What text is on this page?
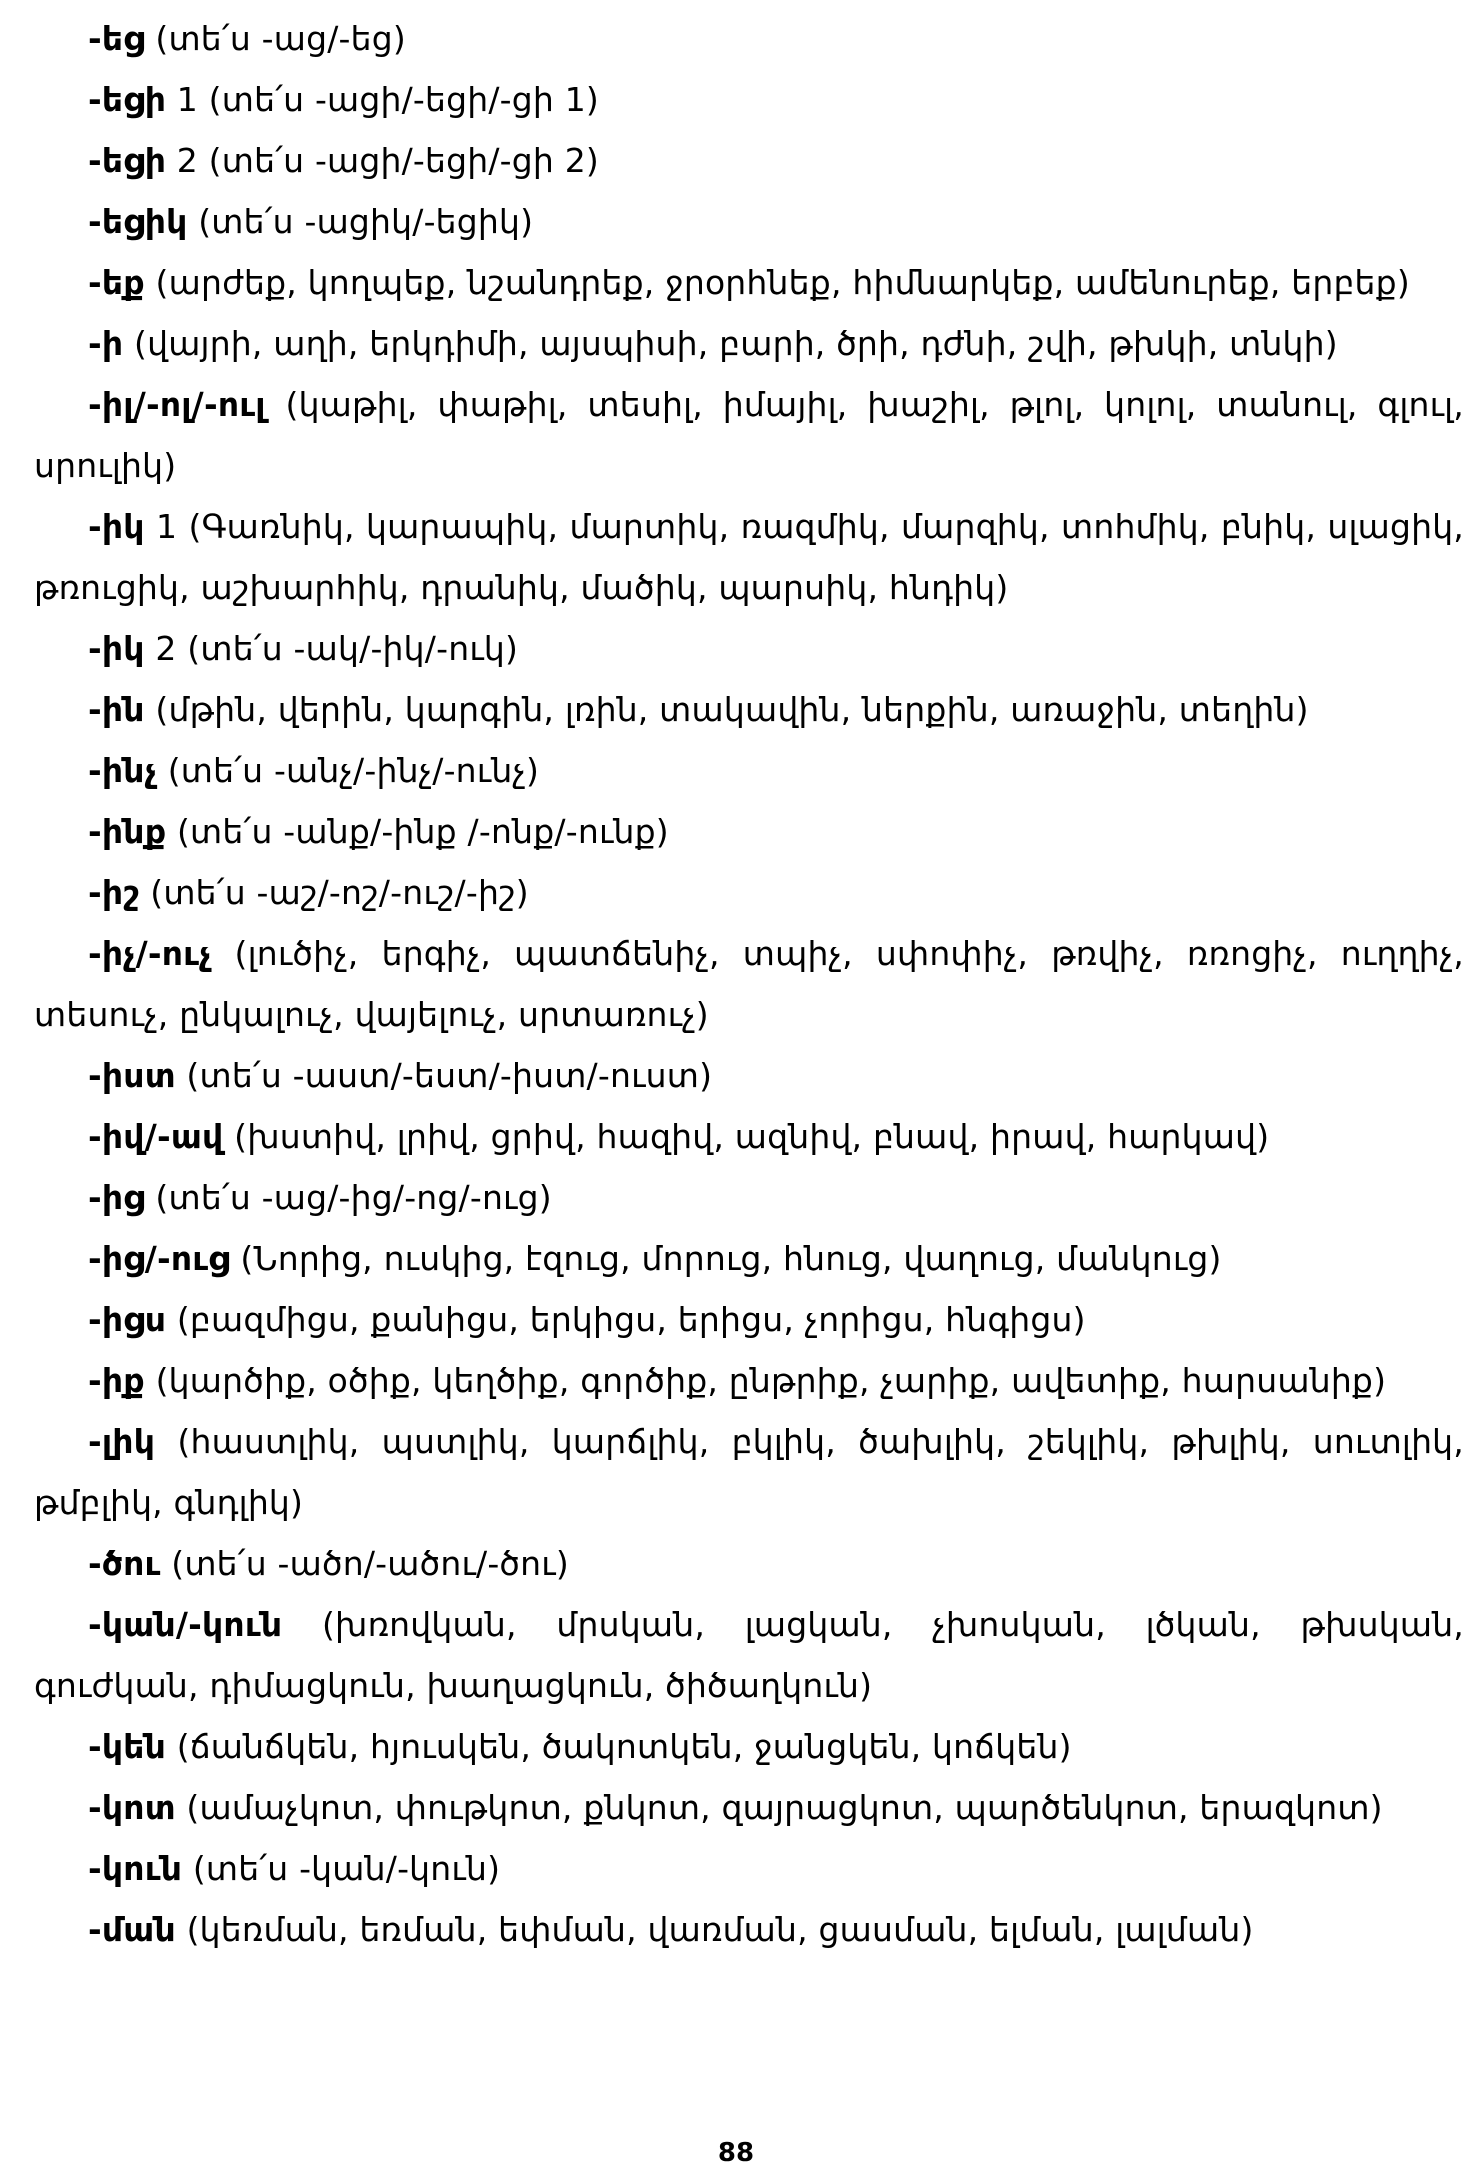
-եց (տե՛ս -աց/-եց)

-եցի 1 (տե՛ս -ացի/-եցի/-ցի 1)

-եցի 2 (տե՛ս -ացի/-եցի/-ցի 2)

-եցիկ (տե՛ս -ացիկ/-եցիկ)

-եք (արժեք, կողպեք, նշանդրեք, ջրօրհնեք, հիմնարկեք, ամենուրեք, երբեք)

-ի (վայրի, աղի, երկդիմի, այսպիսի, բարի, ծրի, դժնի, շվի, թխկի, տնկի)

-իլ/-ոլ/-ուլ (կաթիլ, փաթիլ, տեսիլ, իմայիլ, խաշիլ, թլոլ, կոլոլ, տանուլ, գլուլ, սրուլիկ)

-իկ 1 (Գառնիկ, կարապիկ, մարտիկ, ռազմիկ, մարզիկ, տոհմիկ, բնիկ, սլացիկ, թռուցիկ, աշխարհիկ, դրանիկ, մածիկ, պարսիկ, հնդիկ)

-իկ 2 (տե՛ս -ակ/-իկ/-ուկ)

-ին (մթին, վերին, կարգին, լռին, տակավին, ներքին, առաջին, տեղին)

-ինչ (տե՛ս -անչ/-ինչ/-ունչ)

-ինք (տե՛ս -անք/-ինք /-ոնք/-ունք)

-իշ (տե՛ս -աշ/-ոշ/-ուշ/-իշ)

-իչ/-ուչ (լուծիչ, երգիչ, պատճենիչ, տպիչ, սփոփիչ, թռվիչ, ռռոցիչ, ուղղիչ, տեսուչ, ընկալուչ, վայելուչ, սրտառուչ)

-իստ (տե՛ս -աստ/-եստ/-իստ/-ուստ)

-իվ/-ավ (խստիվ, լրիվ, ցրիվ, հազիվ, ազնիվ, բնավ, իրավ, հարկավ)

-ից (տե՛ս -աց/-ից/-ոց/-ուց)

-ից/-ուց (Նորից, ուսկից, էզուց, մորուց, հնուց, վաղուց, մանկուց)

-իցս (բազմիցս, քանիցս, երկիցս, երիցս, չորիցս, հնգիցս)

-իք (կարծիք, օծիք, կեղծիք, գործիք, ընթրիք, չարիք, ավետիք, հարսանիք)

-լիկ (հաստլիկ, պստլիկ, կարճլիկ, բկլիկ, ծախլիկ, շեկլիկ, թխլիկ, սուտլիկ, թմբլիկ, գնդլիկ)

-ծու (տե՛ս -ածո/-ածու/-ծու)

-կան/-կուն (խռովկան, մրսկան, լացկան, չխոսկան, լծկան, թխսկան, գուժկան, դիմացկուն, խաղացկուն, ծիծաղկուն)

-կեն (ճանճկեն, հյուսկեն, ծակոտկեն, ջանցկեն, կոճկեն)

-կոտ (ամաչկոտ, փութկոտ, քնկոտ, զայրացկոտ, պարծենկոտ, երազկոտ)

-կուն (տե՛ս -կան/-կուն)

-ման (կեռման, եռման, եփման, վառման, ցասման, ելման, լալման)

88
